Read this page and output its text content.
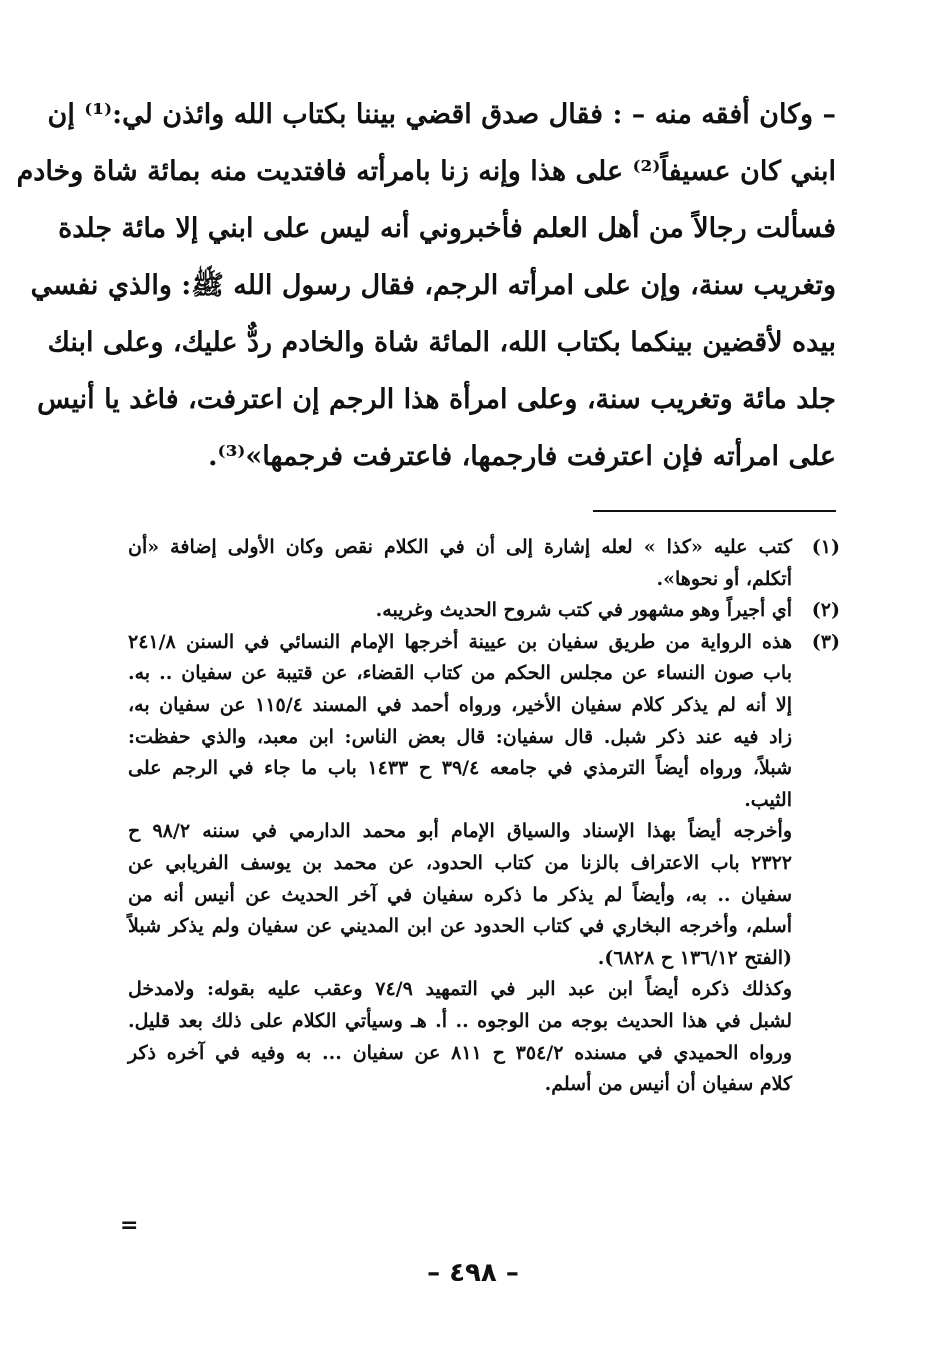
– وكان أفقه منه – : فقال صدق اقضي بيننا بكتاب الله وائذن لي:⁽¹⁾ إن
ابني كان عسيفاً⁽²⁾ على هذا وإنه زنا بامرأته فافتديت منه بمائة شاة وخادم
فسألت رجالاً من أهل العلم فأخبروني أنه ليس على ابني إلا مائة جلدة
وتغريب سنة، وإن على امرأته الرجم، فقال رسول الله ﷺ: والذي نفسي
بيده لأقضين بينكما بكتاب الله، المائة شاة والخادم ردٌّ عليك، وعلى ابنك
جلد مائة وتغريب سنة، وعلى امرأة هذا الرجم إن اعترفت، فاغد يا أنيس
على امرأته فإن اعترفت فارجمها، فاعترفت فرجمها»⁽³⁾.
(١)
كتب عليه «كذا » لعله إشارة إلى أن في الكلام نقص وكان الأولى إضافة «أن
أتكلم، أو نحوها».
(٢)
أي أجيراً وهو مشهور في كتب شروح الحديث وغريبه.
(٣)
هذه الرواية من طريق سفيان بن عيينة أخرجها الإمام النسائي في السنن ٢٤١/٨
باب صون النساء عن مجلس الحكم من كتاب القضاء، عن قتيبة عن سفيان .. به.
إلا أنه لم يذكر كلام سفيان الأخير، ورواه أحمد في المسند ١١٥/٤ عن سفيان به،
زاد فيه عند ذكر شبل. قال سفيان: قال بعض الناس: ابن معبد، والذي حفظت:
شبلاً، ورواه أيضاً الترمذي في جامعه ٣٩/٤ ح ١٤٣٣ باب ما جاء في الرجم على
الثيب.
وأخرجه أيضاً بهذا الإسناد والسياق الإمام أبو محمد الدارمي في سننه ٩٨/٢ ح
٢٣٢٢ باب الاعتراف بالزنا من كتاب الحدود، عن محمد بن يوسف الفريابي عن
سفيان .. به، وأيضاً لم يذكر ما ذكره سفيان في آخر الحديث عن أنيس أنه من
أسلم، وأخرجه البخاري في كتاب الحدود عن ابن المديني عن سفيان ولم يذكر شبلاً
(الفتح ١٣٦/١٢ ح ٦٨٢٨).
وكذلك ذكره أيضاً ابن عبد البر في التمهيد ٧٤/٩ وعقب عليه بقوله: ولامدخل
لشبل في هذا الحديث بوجه من الوجوه .. أ. هـ وسيأتي الكلام على ذلك بعد قليل.
ورواه الحميدي في مسنده ٣٥٤/٢ ح ٨١١ عن سفيان ... به وفيه في آخره ذكر
كلام سفيان أن أنيس من أسلم.
=
– ٤٩٨ –
